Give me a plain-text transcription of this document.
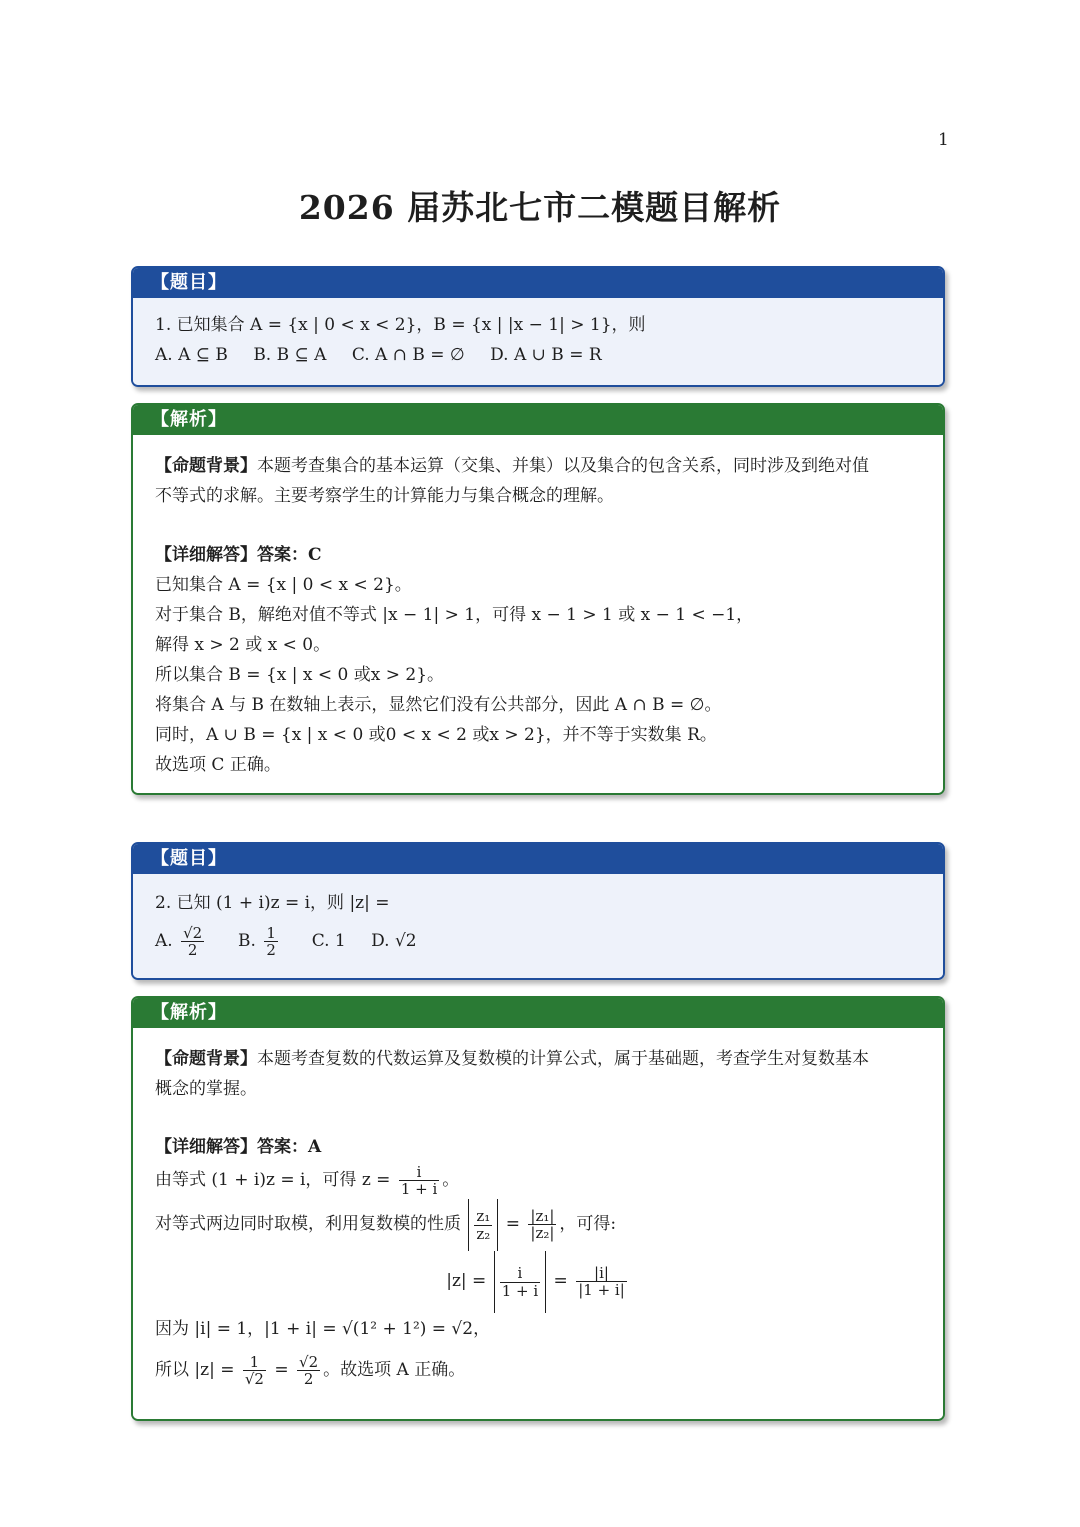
1
2026 届苏北七市二模题目解析
【题目】
1. 已知集合 A = {x | 0 < x < 2}，B = {x | |x − 1| > 1}，则
A. A ⊆ B B. B ⊆ A C. A ∩ B = ∅ D. A ∪ B = R
【解析】
【命题背景】本题考查集合的基本运算（交集、并集）以及集合的包含关系，同时涉及到绝对值
不等式的求解。主要考察学生的计算能力与集合概念的理解。
【详细解答】答案：C
已知集合 A = {x | 0 < x < 2}。
对于集合 B，解绝对值不等式 |x − 1| > 1，可得 x − 1 > 1 或 x − 1 < −1，
解得 x > 2 或 x < 0。
所以集合 B = {x | x < 0 或x > 2}。
将集合 A 与 B 在数轴上表示，显然它们没有公共部分，因此 A ∩ B = ∅。
同时，A ∪ B = {x | x < 0 或0 < x < 2 或x > 2}，并不等于实数集 R。
故选项 C 正确。
【题目】
2. 已知 (1 + i)z = i，则 |z| =
A. $\frac{√2}{2} B$. $\frac{1}{2} C$. 1 D. √2
【解析】
【命题背景】本题考查复数的代数运算及复数模的计算公式，属于基础题，考查学生对复数基本
概念的掌握。
【详细解答】答案：A
由等式 (1 + i)z = i，可得 $z = \frac{i}{1 + i}$ 。
对等式两边同时取模，利用复数模的性质 $\frac{\text{z₁}}{\text{z₂}} = \frac{\text{|z₁|}}{\text{|z₂|}}$ ，可得:
$|z| = \frac{i}{1 + i} = \frac{|i|}{|1 + i|}$
因为 |i| = 1，|1 + i| = √(1² + 1²) = √2，
所以 $|z| = \frac{1}{√2} = \frac{√2}{2}$ 。故选项 A 正确。
